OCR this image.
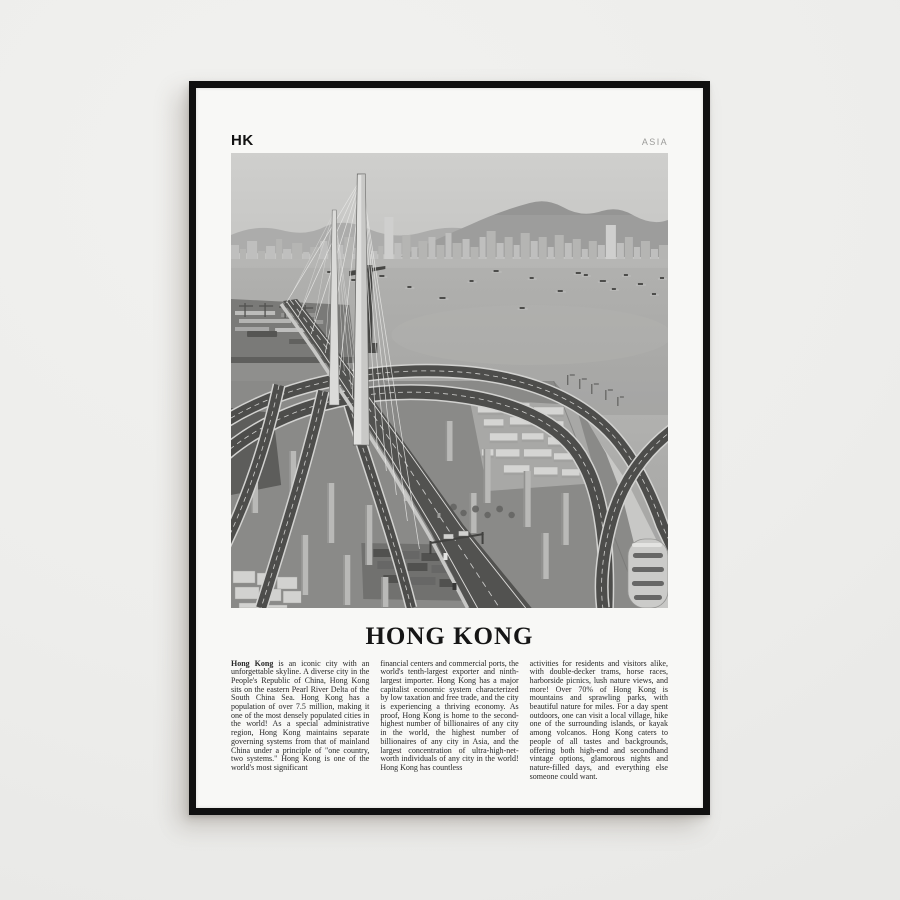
HK	ASIA
HONG KONG

Hong Kong is an iconic city with an unforgettable skyline. A diverse city in the People's Republic of China, Hong Kong sits on the eastern Pearl River Delta of the South China Sea. Hong Kong has a population of over 7.5 million, making it one of the most densely populated cities in the world! As a special administrative region, Hong Kong maintains separate governing systems from that of mainland China under a principle of "one country, two systems." Hong Kong is one of the world's most significant

financial centers and commercial ports, the world's tenth-largest exporter and ninth-largest importer. Hong Kong has a major capitalist economic system characterized by low taxation and free trade, and the city is experiencing a thriving economy. As proof, Hong Kong is home to the second-highest number of billionaires of any city in the world, the highest number of billionaires of any city in Asia, and the largest concentration of ultra-high-net-worth individuals of any city in the world! Hong Kong has countless

activities for residents and visitors alike, with double-decker trams, horse races, harborside picnics, lush nature views, and more! Over 70% of Hong Kong is mountains and sprawling parks, with beautiful nature for miles. For a day spent outdoors, one can visit a local village, hike one of the surrounding islands, or kayak among volcanos. Hong Kong caters to people of all tastes and backgrounds, offering both high-end and secondhand vintage options, glamorous nights and nature-filled days, and everything else someone could want.
